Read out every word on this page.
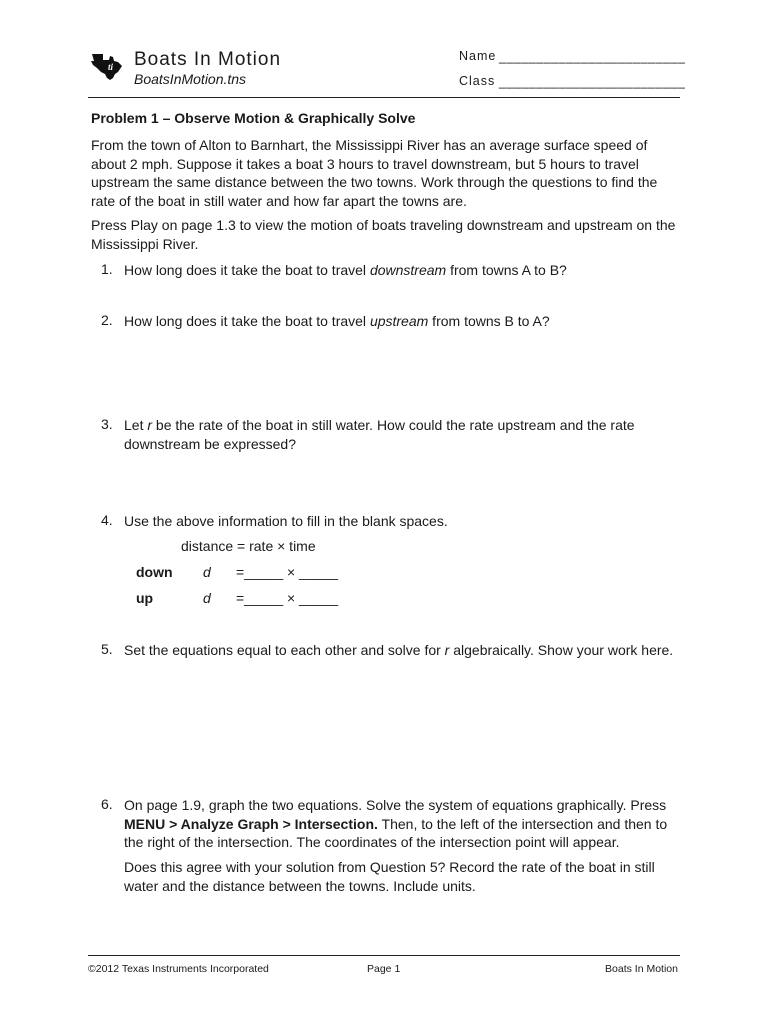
ti Boats In Motion
BoatsInMotion.tns
Name _________________________
Class _________________________
Problem 1 – Observe Motion & Graphically Solve
From the town of Alton to Barnhart, the Mississippi River has an average surface speed of about 2 mph. Suppose it takes a boat 3 hours to travel downstream, but 5 hours to travel upstream the same distance between the two towns. Work through the questions to find the rate of the boat in still water and how far apart the towns are.
Press Play on page 1.3 to view the motion of boats traveling downstream and upstream on the Mississippi River.
1. How long does it take the boat to travel downstream from towns A to B?
2. How long does it take the boat to travel upstream from towns B to A?
3. Let r be the rate of the boat in still water. How could the rate upstream and the rate downstream be expressed?
4. Use the above information to fill in the blank spaces.
distance = rate × time
down d =_____ × _____
up	d =_____ × _____
5. Set the equations equal to each other and solve for r algebraically. Show your work here.
6. On page 1.9, graph the two equations. Solve the system of equations graphically. Press MENU > Analyze Graph > Intersection. Then, to the left of the intersection and then to the right of the intersection. The coordinates of the intersection point will appear.
Does this agree with your solution from Question 5? Record the rate of the boat in still water and the distance between the towns. Include units.
©2012 Texas Instruments Incorporated	Page 1	Boats In Motion
